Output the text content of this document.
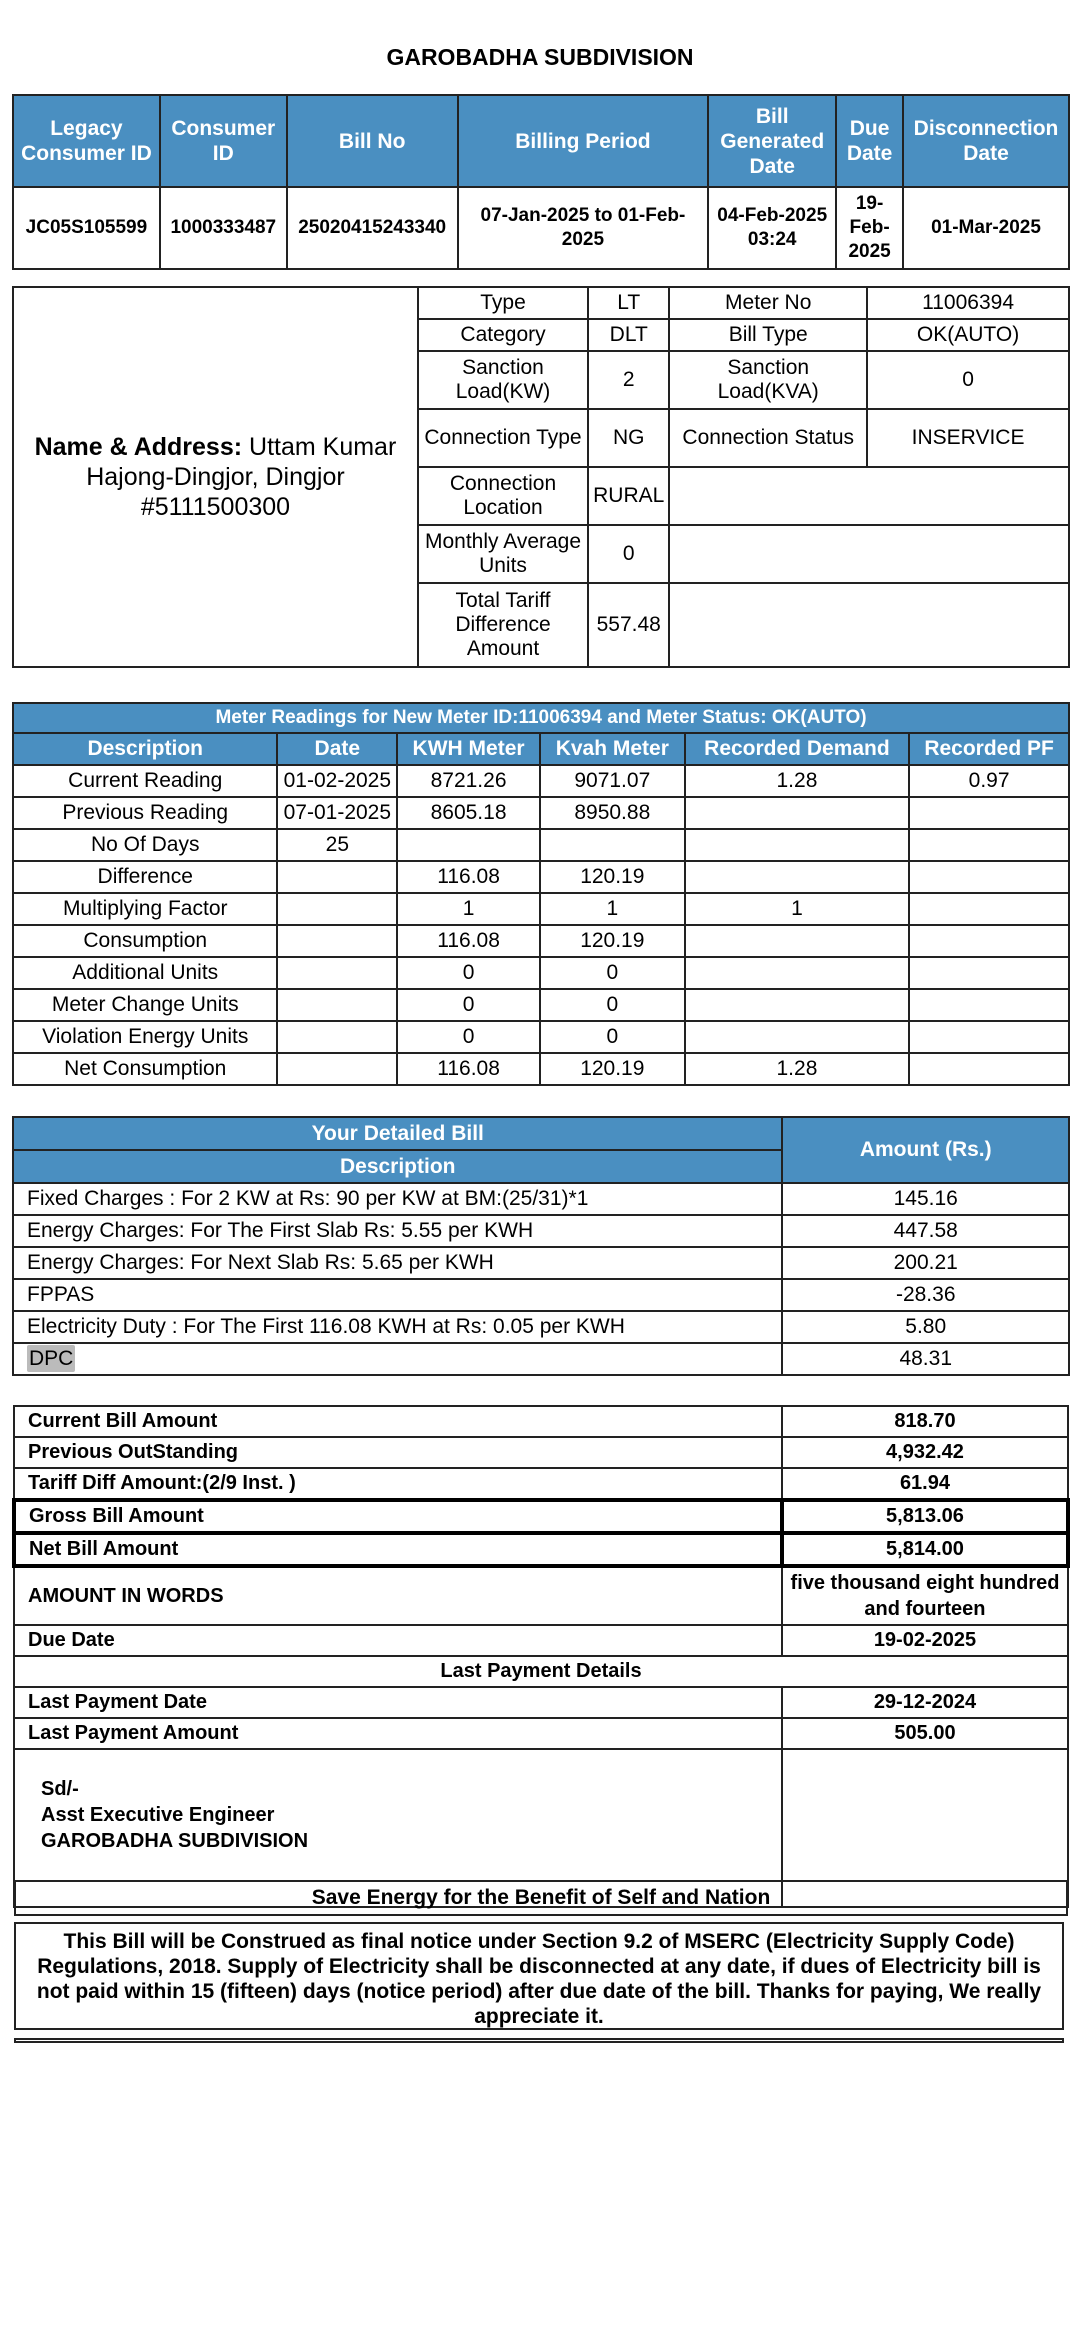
GAROBADHA SUBDIVISION
Legacy Consumer ID	Consumer ID	Bill No	Billing Period	Bill Generated Date	Due Date	Disconnection Date
JC05S105599	1000333487	25020415243340	07-Jan-2025 to 01-Feb-2025	04-Feb-2025 03:24	19-Feb-2025	01-Mar-2025
Name & Address: Uttam Kumar Hajong-Dingjor, Dingjor #5111500300	Type	LT	Meter No	11006394
	Category	DLT	Bill Type	OK(AUTO)
	Sanction Load(KW)	2	Sanction Load(KVA)	0
	Connection Type	NG	Connection Status	INSERVICE
	Connection Location	RURAL		
	Monthly Average Units	0		
	Total Tariff Difference Amount	557.48		
Meter Readings for New Meter ID:11006394 and Meter Status: OK(AUTO)					
Description	Date	KWH Meter	Kvah Meter	Recorded Demand	Recorded PF
Current Reading	01-02-2025	8721.26	9071.07	1.28	0.97
Previous Reading	07-01-2025	8605.18	8950.88		
No Of Days	25				
Difference		116.08	120.19		
Multiplying Factor		1	1	1	
Consumption		116.08	120.19		
Additional Units		0	0		
Meter Change Units		0	0		
Violation Energy Units		0	0		
Net Consumption		116.08	120.19	1.28	
Your Detailed Bill	Amount (Rs.)
Description	
Fixed Charges : For 2 KW at Rs: 90 per KW at BM:(25/31)*1	145.16
Energy Charges: For The First Slab Rs: 5.55 per KWH	447.58
Energy Charges: For Next Slab Rs: 5.65 per KWH	200.21
FPPAS	-28.36
Electricity Duty : For The First 116.08 KWH at Rs: 0.05 per KWH	5.80
DPC	48.31
Current Bill Amount	818.70
Previous OutStanding	4,932.42
Tariff Diff Amount:(2/9 Inst. )	61.94
Gross Bill Amount	5,813.06
Net Bill Amount	5,814.00
AMOUNT IN WORDS	five thousand eight hundred and fourteen
Due Date	19-02-2025
Last Payment Details	
Last Payment Date	29-12-2024
Last Payment Amount	505.00

Sd/-
Asst Executive Engineer
GAROBADHA SUBDIVISION	

Save Energy for the Benefit of Self and Nation
This Bill will be Construed as final notice under Section 9.2 of MSERC (Electricity Supply Code) Regulations, 2018. Supply of Electricity shall be disconnected at any date, if dues of Electricity bill is not paid within 15 (fifteen) days (notice period) after due date of the bill. Thanks for paying, We really appreciate it.
